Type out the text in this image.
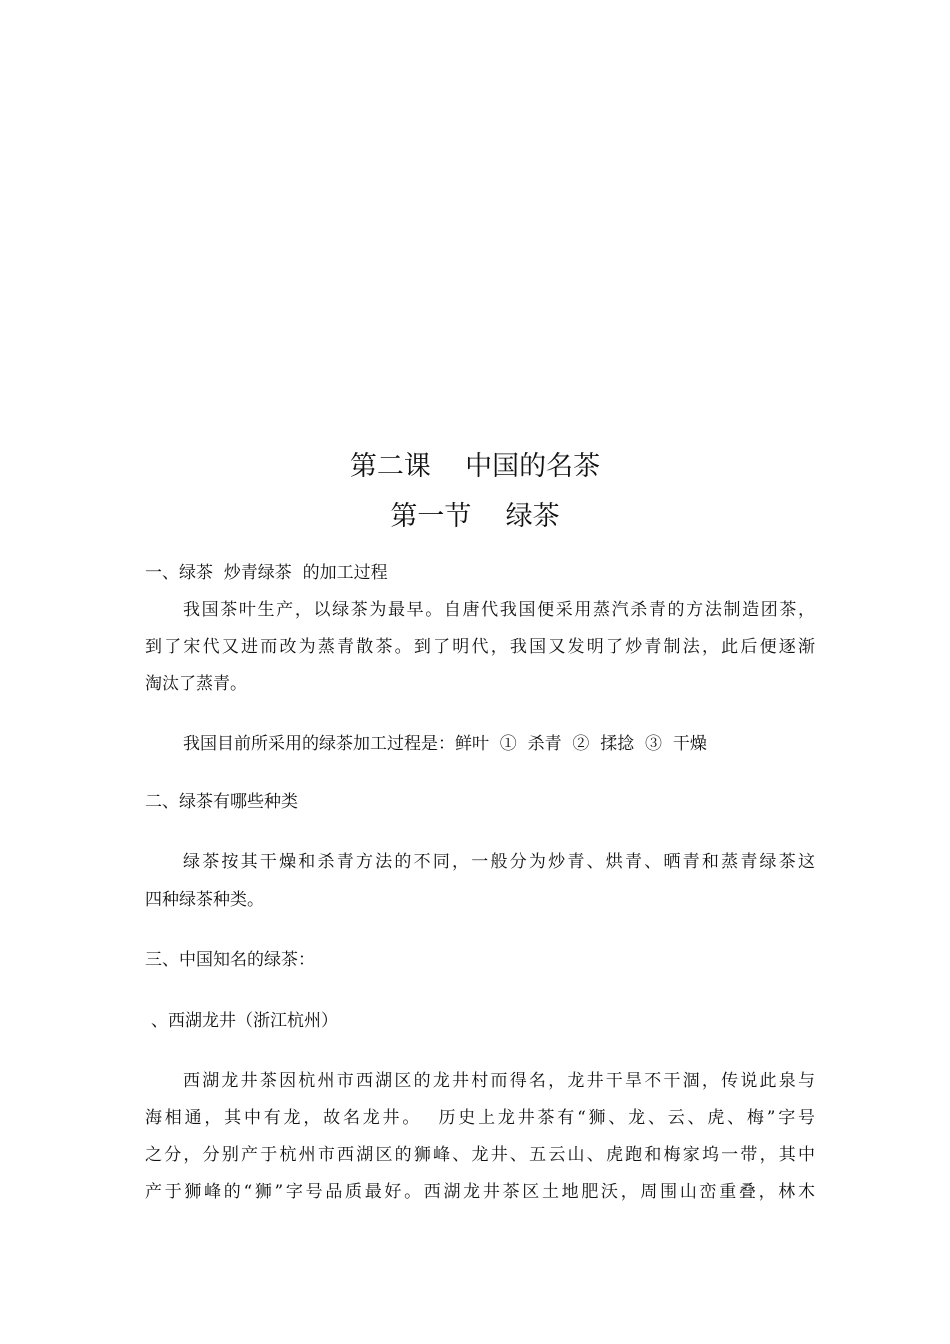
第二课    中国的名茶
第一节    绿茶
一、绿茶  炒青绿茶  的加工过程
我国茶叶生产，以绿茶为最早。自唐代我国便采用蒸汽杀青的方法制造团茶，
到了宋代又进而改为蒸青散茶。到了明代，我国又发明了炒青制法，此后便逐渐
淘汰了蒸青。
我国目前所采用的绿茶加工过程是：鲜叶  ①  杀青  ②  揉捻  ③  干燥
二、绿茶有哪些种类
绿茶按其干燥和杀青方法的不同，一般分为炒青、烘青、晒青和蒸青绿茶这
四种绿茶种类。
三、中国知名的绿茶：
、西湖龙井（浙江杭州）
西湖龙井茶因杭州市西湖区的龙井村而得名，龙井干旱不干涸，传说此泉与
海相通，其中有龙，故名龙井。  历史上龙井茶有“狮、龙、云、虎、梅”字号
之分，分别产于杭州市西湖区的狮峰、龙井、五云山、虎跑和梅家坞一带，其中
产于狮峰的“狮”字号品质最好。西湖龙井茶区土地肥沃，周围山峦重叠，林木
